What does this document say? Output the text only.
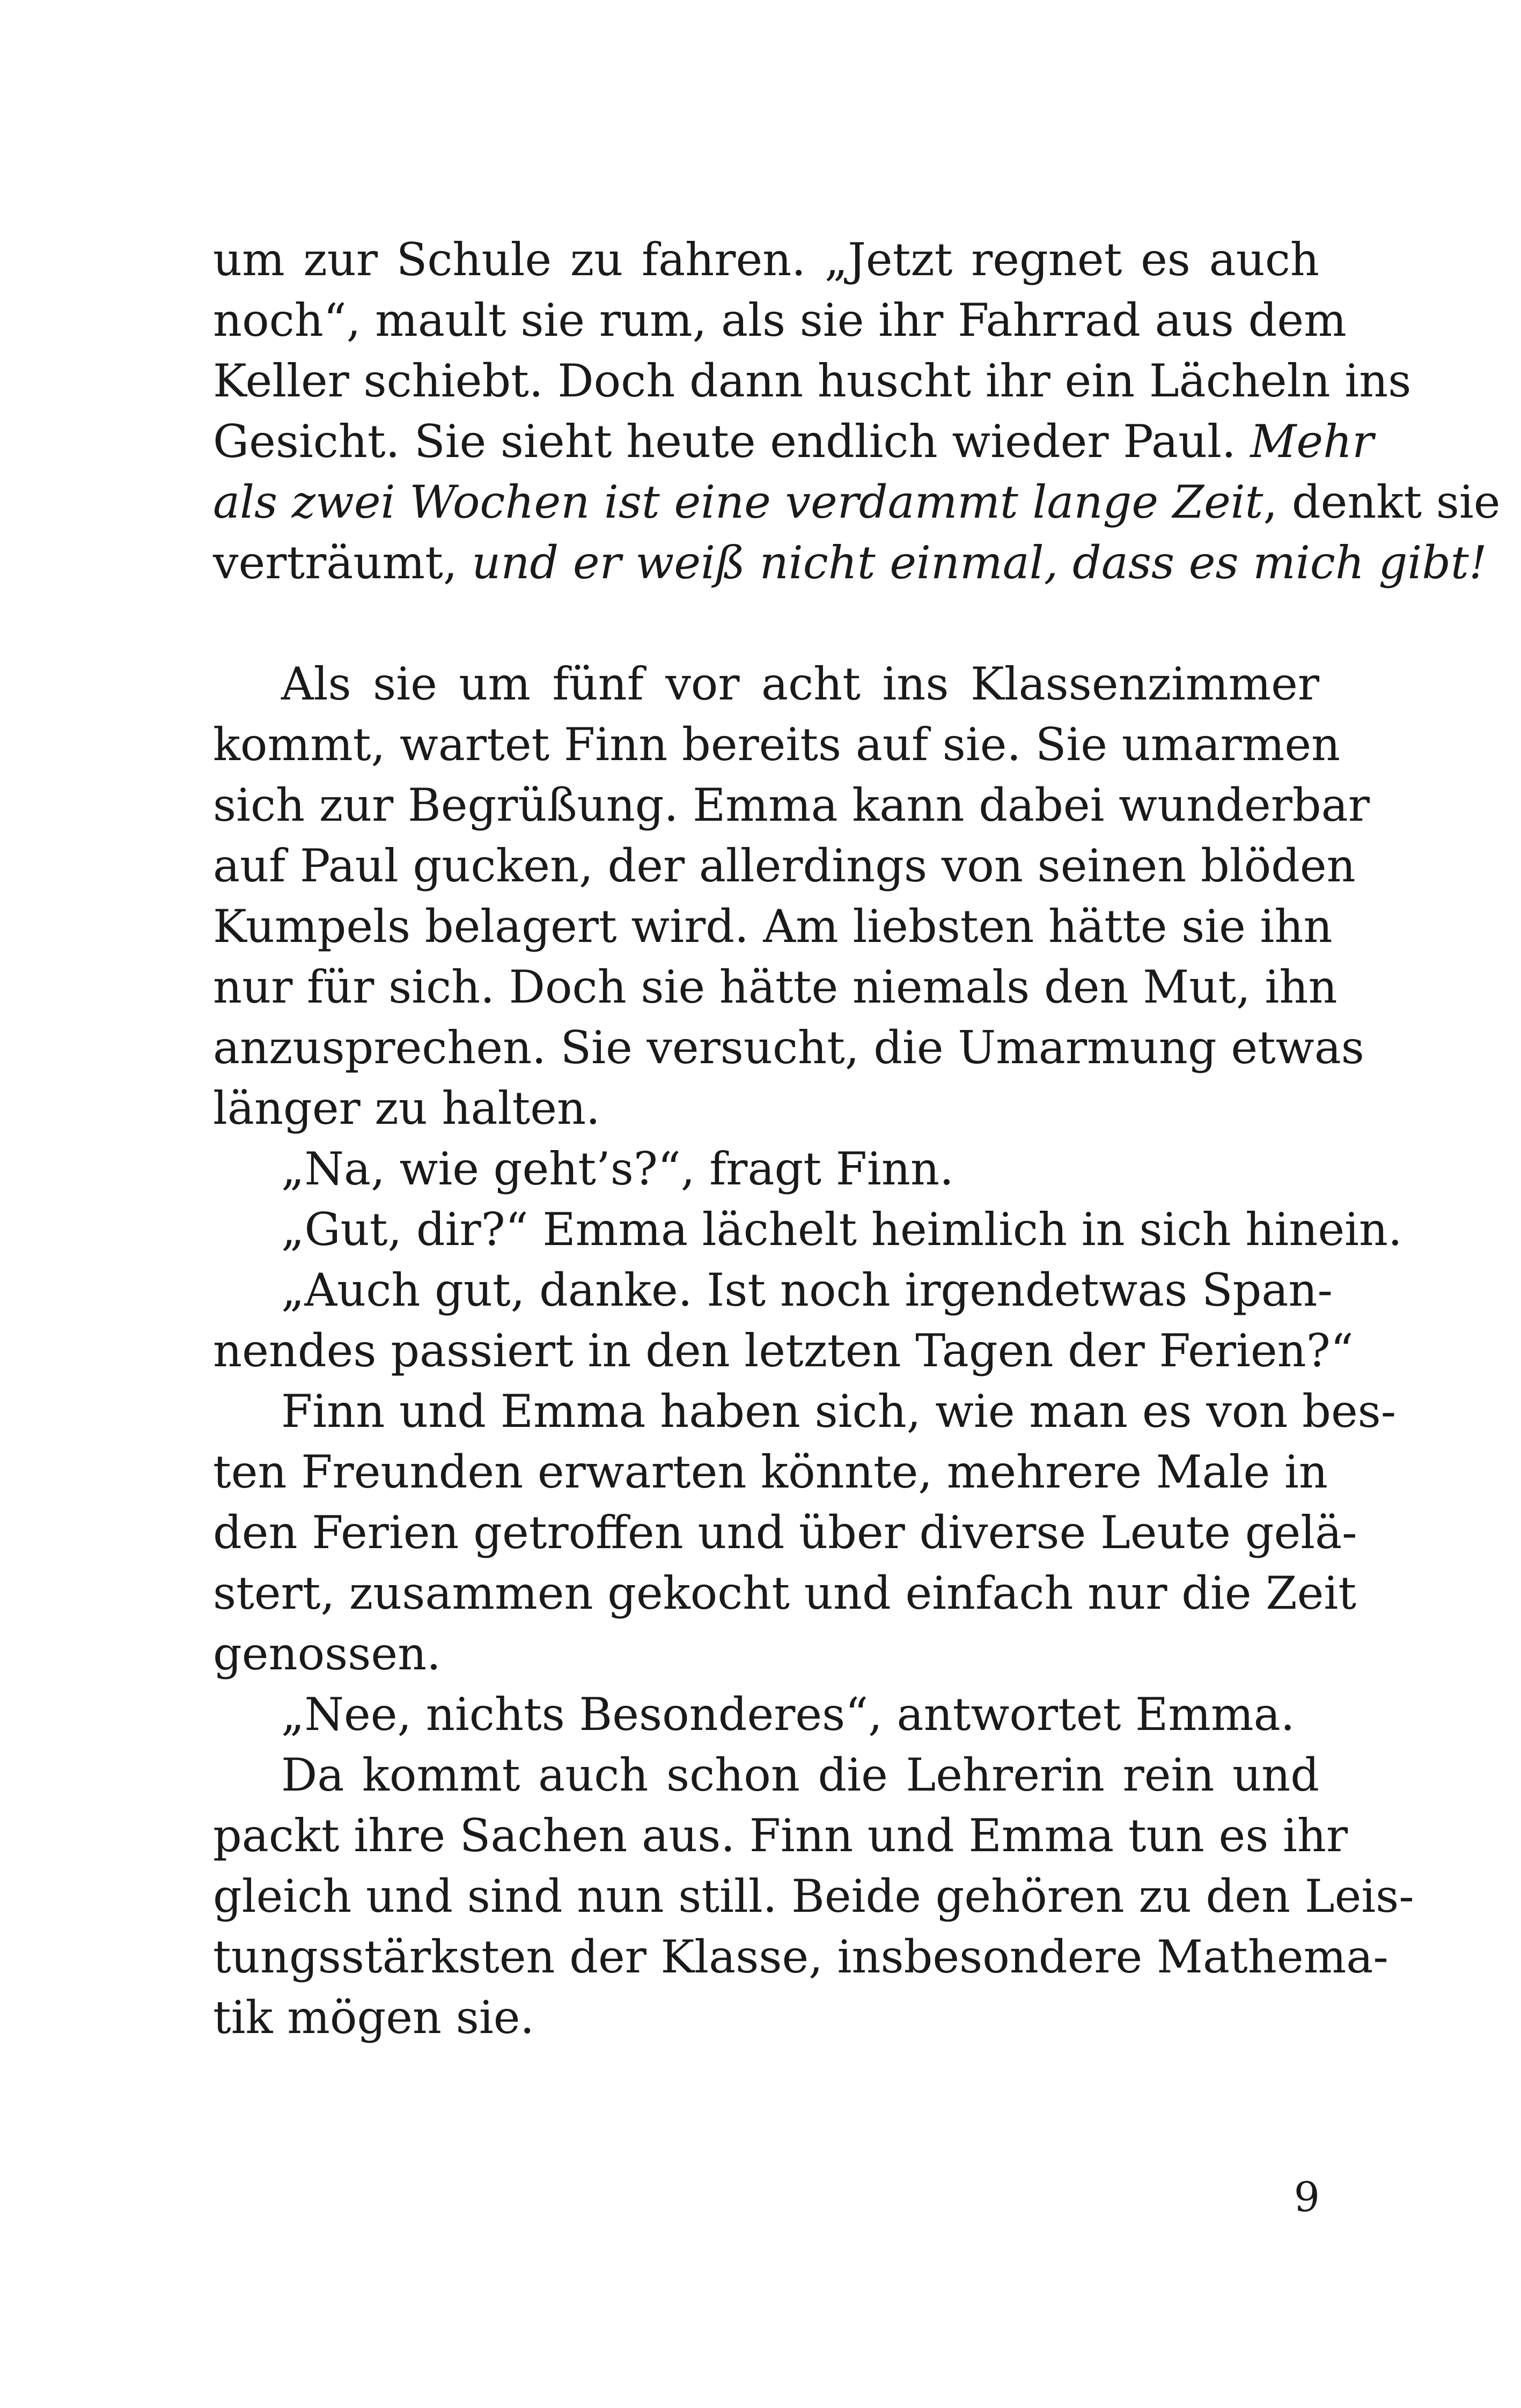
um zur Schule zu fahren. „Jetzt regnet es auch
noch“, mault sie rum, als sie ihr Fahrrad aus dem
Keller schiebt. Doch dann huscht ihr ein Lächeln ins
Gesicht. Sie sieht heute endlich wieder Paul. Mehr
als zwei Wochen ist eine verdammt lange Zeit, denkt sie
verträumt, und er weiß nicht einmal, dass es mich gibt!
Als sie um fünf vor acht ins Klassenzimmer
kommt, wartet Finn bereits auf sie. Sie umarmen
sich zur Begrüßung. Emma kann dabei wunderbar
auf Paul gucken, der allerdings von seinen blöden
Kumpels belagert wird. Am liebsten hätte sie ihn
nur für sich. Doch sie hätte niemals den Mut, ihn
anzusprechen. Sie versucht, die Umarmung etwas
länger zu halten.
„Na, wie geht’s?“, fragt Finn.
„Gut, dir?“ Emma lächelt heimlich in sich hinein.
„Auch gut, danke. Ist noch irgendetwas Span-
nendes passiert in den letzten Tagen der Ferien?“
Finn und Emma haben sich, wie man es von bes-
ten Freunden erwarten könnte, mehrere Male in
den Ferien getroffen und über diverse Leute gelä-
stert, zusammen gekocht und einfach nur die Zeit
genossen.
„Nee, nichts Besonderes“, antwortet Emma.
Da kommt auch schon die Lehrerin rein und
packt ihre Sachen aus. Finn und Emma tun es ihr
gleich und sind nun still. Beide gehören zu den Leis-
tungsstärksten der Klasse, insbesondere Mathema-
tik mögen sie.
9
